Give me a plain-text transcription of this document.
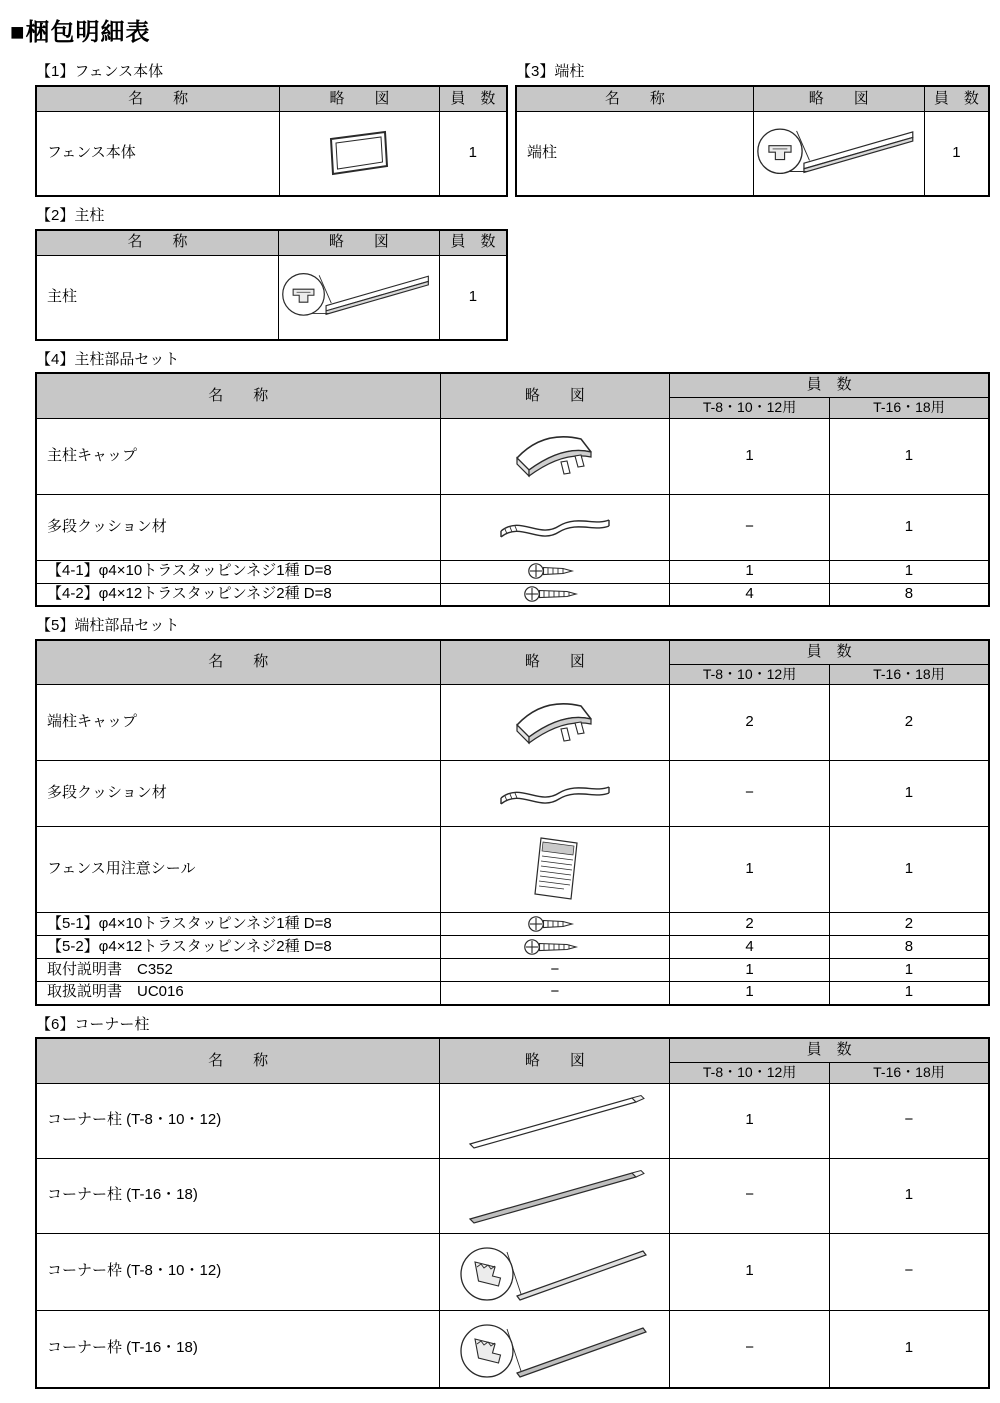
■梱包明細表
【1】フェンス本体
名　　称	略　　図	員　数
フェンス本体		1
【2】主柱
名　　称	略　　図	員　数
主柱		1
【3】端柱
名　　称	略　　図	員　数
端柱		1
【4】主柱部品セット
名　　称	略　　図	員　数	
		T-8・10・12用	T-16・18用
主柱キャップ		1	1
多段クッション材		−	1
【4-1】φ4×10トラスタッピンネジ1種 D=8		1	1
【4-2】φ4×12トラスタッピンネジ2種 D=8		4	8
【5】端柱部品セット
名　　称	略　　図	員　数	
		T-8・10・12用	T-16・18用
端柱キャップ		2	2
多段クッション材		−	1
フェンス用注意シール		1	1
【5-1】φ4×10トラスタッピンネジ1種 D=8		2	2
【5-2】φ4×12トラスタッピンネジ2種 D=8		4	8
取付説明書　C352	−	1	1
取扱説明書　UC016	−	1	1
【6】コーナー柱
名　　称	略　　図	員　数	
		T-8・10・12用	T-16・18用
コーナー柱 (T-8・10・12)		1	−
コーナー柱 (T-16・18)		−	1
コーナー枠 (T-8・10・12)		1	−
コーナー枠 (T-16・18)		−	1
